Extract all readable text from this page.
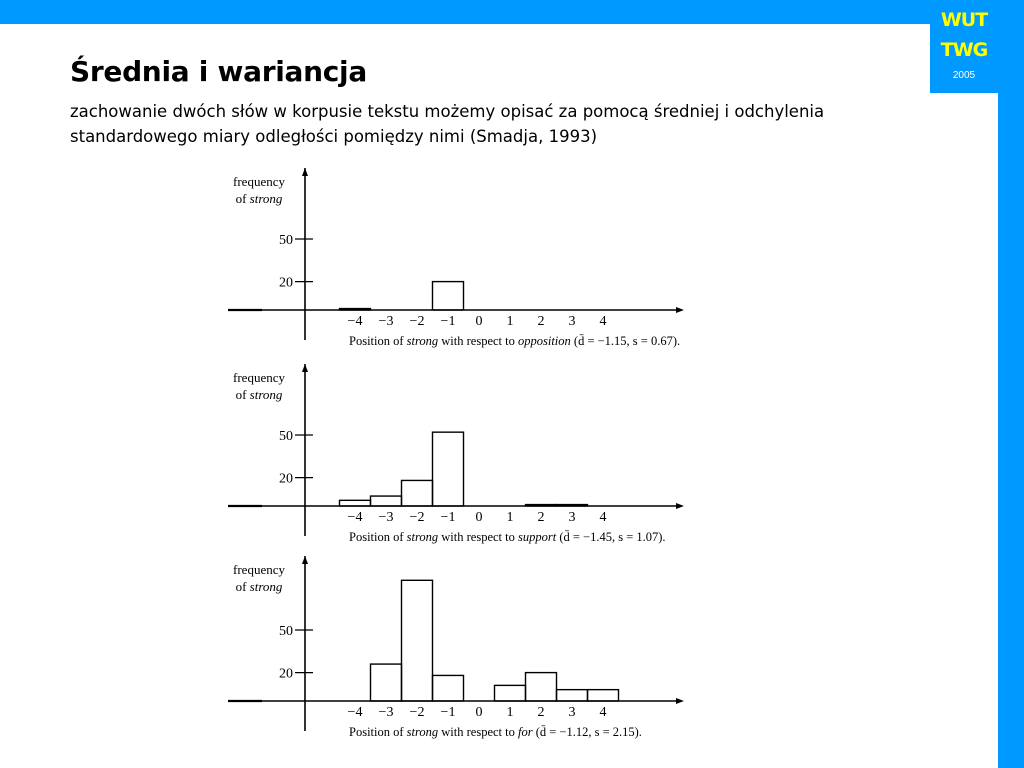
WUT
TWG
2005
Średnia i wariancja

zachowanie dwóch słów w korpusie tekstu możemy opisać za pomocą średniej i odchylenia standardowego miary odległości pomiędzy nimi (Smadja, 1993)

frequency
of strong
50
20
−4 −3 −2 −1 0 1 2 3 4
Position of strong with respect to opposition (d̄ = −1.15, s = 0.67).
frequency
of strong
50
20
−4 −3 −2 −1 0 1 2 3 4
Position of strong with respect to support (d̄ = −1.45, s = 1.07).
frequency
of strong
50
20
−4 −3 −2 −1 0 1 2 3 4
Position of strong with respect to for (d̄ = −1.12, s = 2.15).
